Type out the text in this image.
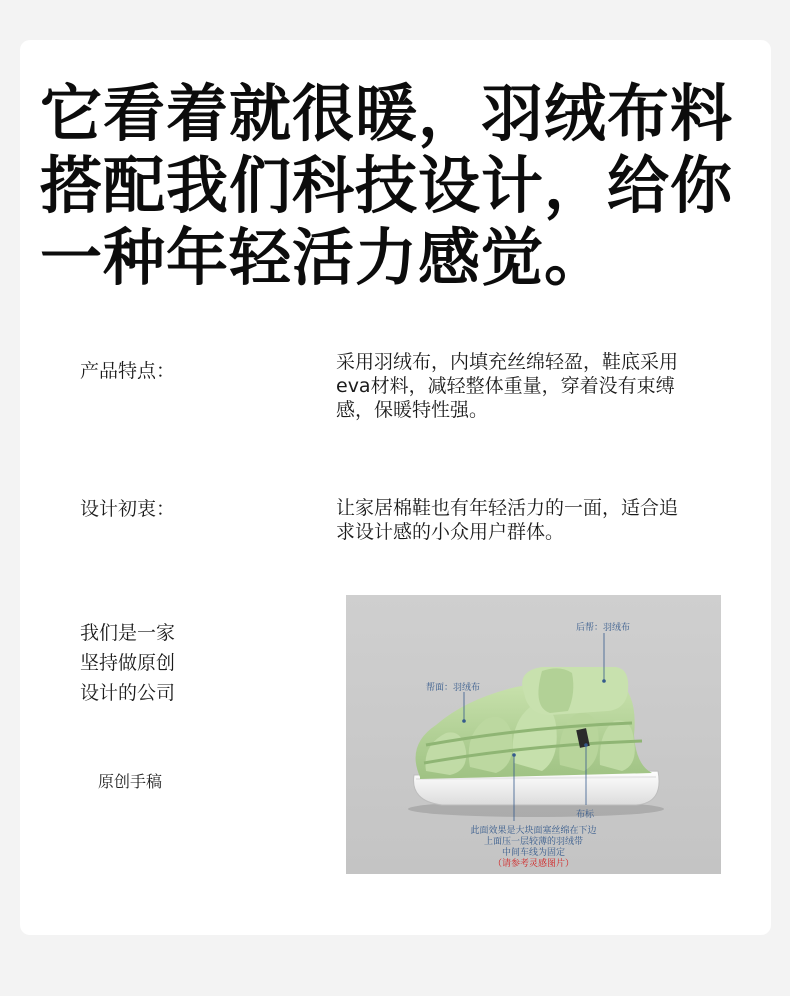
它看着就很暖，羽绒布料
搭配我们科技设计，给你
一种年轻活力感觉。
产品特点：	采用羽绒布，内填充丝绵轻盈，鞋底采用
eva材料，减轻整体重量，穿着没有束缚
感，保暖特性强。
设计初衷：	让家居棉鞋也有年轻活力的一面，适合追
求设计感的小众用户群体。
我们是一家
坚持做原创
设计的公司
原创手稿
后帮：羽绒布
帮面：羽绒布
布标
此面效果是大块面塞丝绵在下边
上面压一层较薄的羽绒带
中间车线为固定
（请参考灵感图片）
